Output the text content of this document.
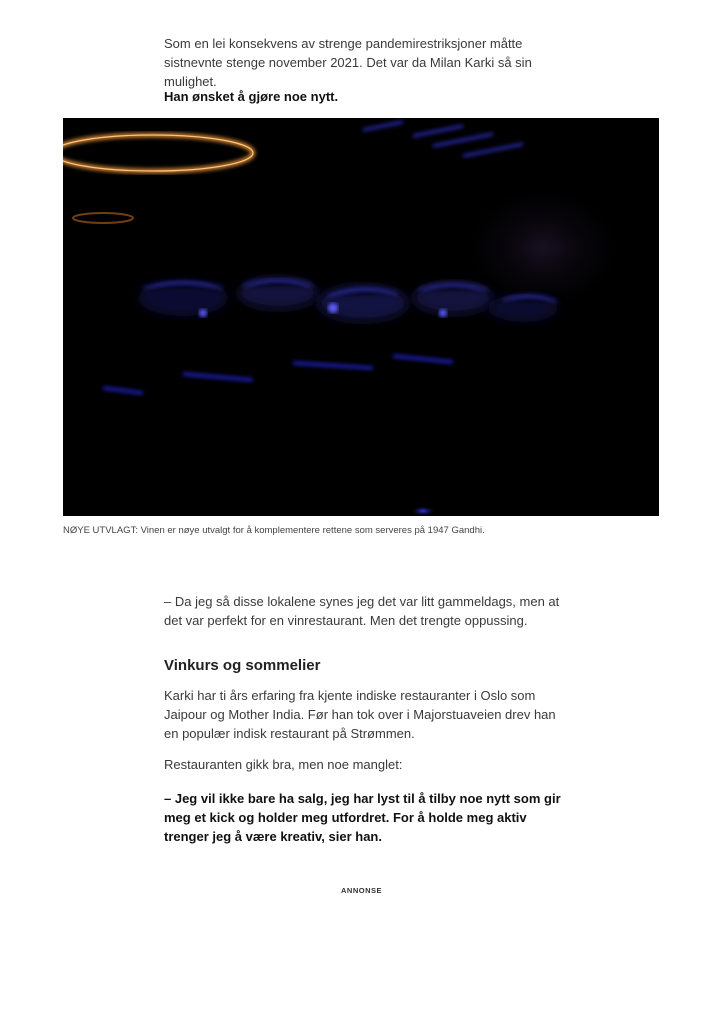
Som en lei konsekvens av strenge pandemirestriksjoner måtte sistnevnte stenge november 2021. Det var da Milan Karki så sin mulighet.

Han ønsket å gjøre noe nytt.

NØYE UTVLAGT: Vinen er nøye utvalgt for å komplementere rettene som serveres på 1947 Gandhi.

– Da jeg så disse lokalene synes jeg det var litt gammeldags, men at det var perfekt for en vinrestaurant. Men det trengte oppussing.

Vinkurs og sommelier

Karki har ti års erfaring fra kjente indiske restauranter i Oslo som Jaipour og Mother India. Før han tok over i Majorstuaveien drev han en populær indisk restaurant på Strømmen.

Restauranten gikk bra, men noe manglet:

– Jeg vil ikke bare ha salg, jeg har lyst til å tilby noe nytt som gir meg et kick og holder meg utfordret. For å holde meg aktiv trenger jeg å være kreativ, sier han.

ANNONSE
